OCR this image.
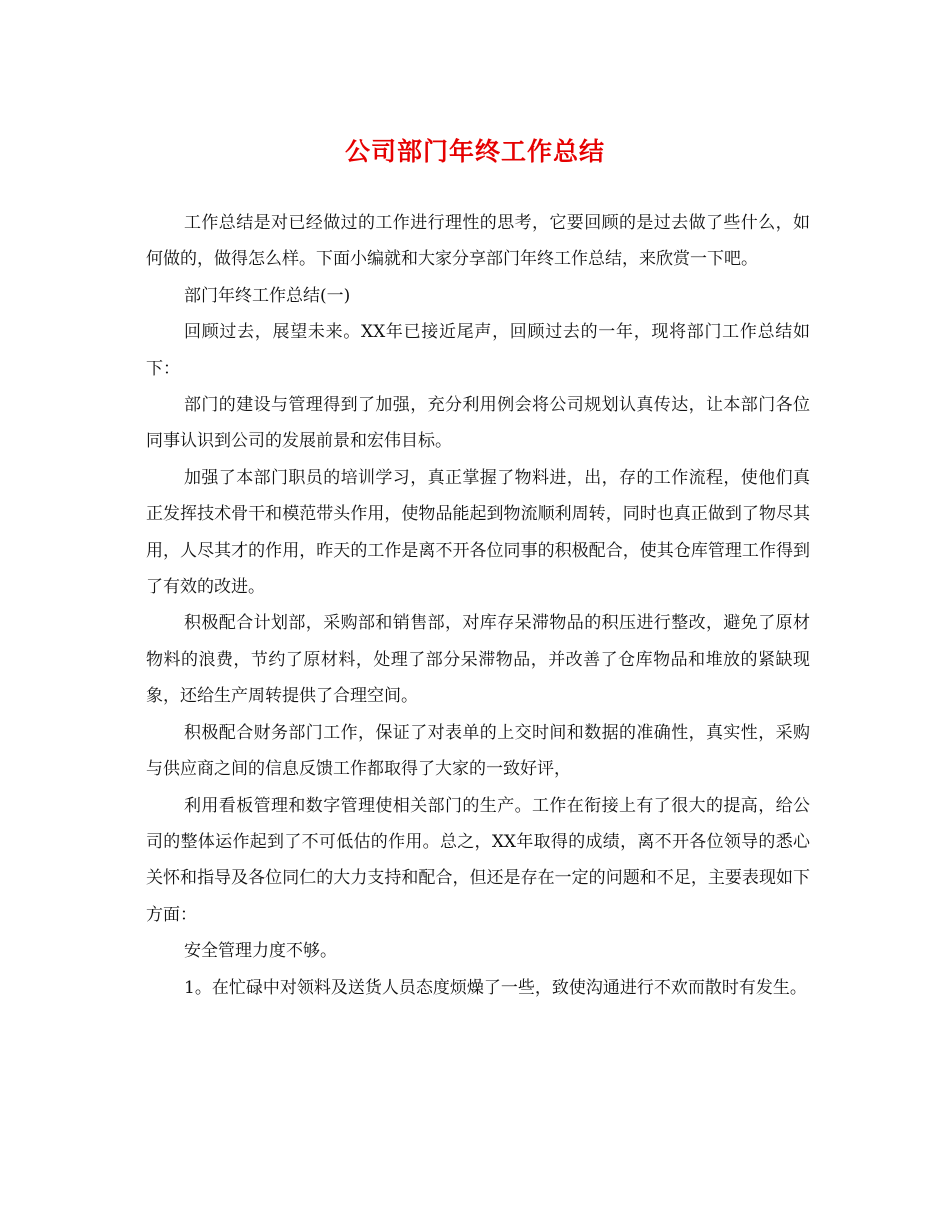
公司部门年终工作总结

工作总结是对已经做过的工作进行理性的思考，它要回顾的是过去做了些什么，如何做的，做得怎么样。下面小编就和大家分享部门年终工作总结，来欣赏一下吧。

部门年终工作总结(一)

回顾过去，展望未来。XX年已接近尾声，回顾过去的一年，现将部门工作总结如下：

部门的建设与管理得到了加强，充分利用例会将公司规划认真传达，让本部门各位同事认识到公司的发展前景和宏伟目标。

加强了本部门职员的培训学习，真正掌握了物料进，出，存的工作流程，使他们真正发挥技术骨干和模范带头作用，使物品能起到物流顺利周转，同时也真正做到了物尽其用，人尽其才的作用，昨天的工作是离不开各位同事的积极配合，使其仓库管理工作得到了有效的改进。

积极配合计划部，采购部和销售部，对库存呆滞物品的积压进行整改，避免了原材物料的浪费，节约了原材料，处理了部分呆滞物品，并改善了仓库物品和堆放的紧缺现象，还给生产周转提供了合理空间。

积极配合财务部门工作，保证了对表单的上交时间和数据的准确性，真实性，采购与供应商之间的信息反馈工作都取得了大家的一致好评，

利用看板管理和数字管理使相关部门的生产。工作在衔接上有了很大的提高，给公司的整体运作起到了不可低估的作用。总之，XX年取得的成绩，离不开各位领导的悉心关怀和指导及各位同仁的大力支持和配合，但还是存在一定的问题和不足，主要表现如下方面：

安全管理力度不够。

1。在忙碌中对领料及送货人员态度烦燥了一些，致使沟通进行不欢而散时有发生。
